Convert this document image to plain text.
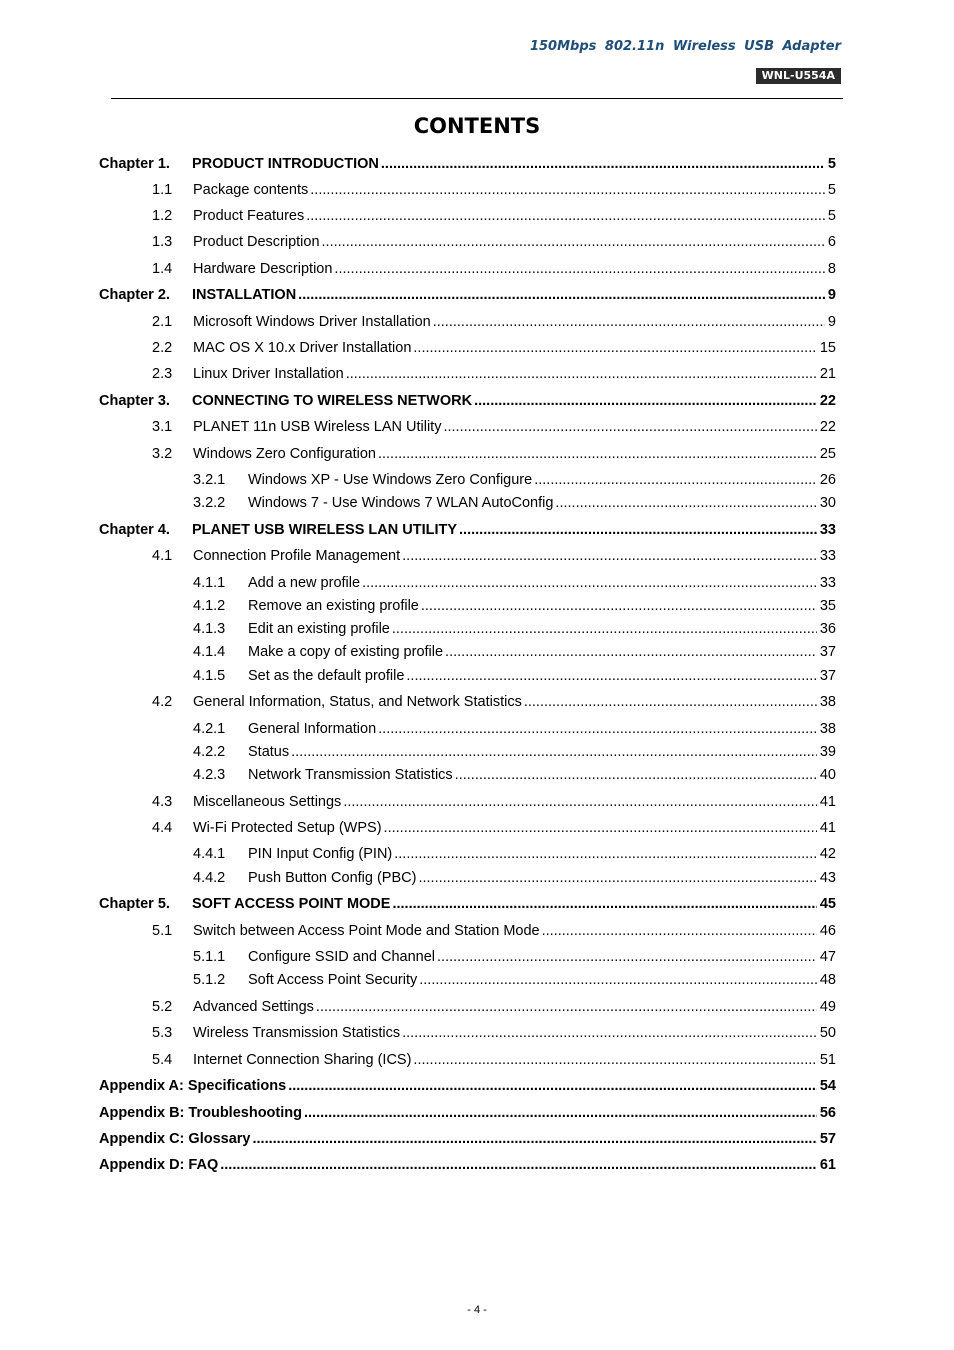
150Mbps 802.11n Wireless USB Adapter
WNL-U554A
CONTENTS
Chapter 1.	PRODUCT INTRODUCTION .....	5
1.1	Package contents .....	5
1.2	Product Features .....	5
1.3	Product Description .....	6
1.4	Hardware Description .....	8
Chapter 2.	INSTALLATION .....	9
2.1	Microsoft Windows Driver Installation .....	9
2.2	MAC OS X 10.x Driver Installation .....	15
2.3	Linux Driver Installation .....	21
Chapter 3.	CONNECTING TO WIRELESS NETWORK .....	22
3.1	PLANET 11n USB Wireless LAN Utility .....	22
3.2	Windows Zero Configuration .....	25
3.2.1	Windows XP - Use Windows Zero Configure .....	26
3.2.2	Windows 7 - Use Windows 7 WLAN AutoConfig .....	30
Chapter 4.	PLANET USB WIRELESS LAN UTILITY .....	33
4.1	Connection Profile Management .....	33
4.1.1	Add a new profile .....	33
4.1.2	Remove an existing profile .....	35
4.1.3	Edit an existing profile .....	36
4.1.4	Make a copy of existing profile .....	37
4.1.5	Set as the default profile .....	37
4.2	General Information, Status, and Network Statistics .....	38
4.2.1	General Information .....	38
4.2.2	Status .....	39
4.2.3	Network Transmission Statistics .....	40
4.3	Miscellaneous Settings .....	41
4.4	Wi-Fi Protected Setup (WPS) .....	41
4.4.1	PIN Input Config (PIN) .....	42
4.4.2	Push Button Config (PBC) .....	43
Chapter 5.	SOFT ACCESS POINT MODE .....	45
5.1	Switch between Access Point Mode and Station Mode .....	46
5.1.1	Configure SSID and Channel .....	47
5.1.2	Soft Access Point Security .....	48
5.2	Advanced Settings .....	49
5.3	Wireless Transmission Statistics .....	50
5.4	Internet Connection Sharing (ICS) .....	51
Appendix A: Specifications .....	54
Appendix B: Troubleshooting .....	56
Appendix C: Glossary .....	57
Appendix D: FAQ .....	61
- 4 -
